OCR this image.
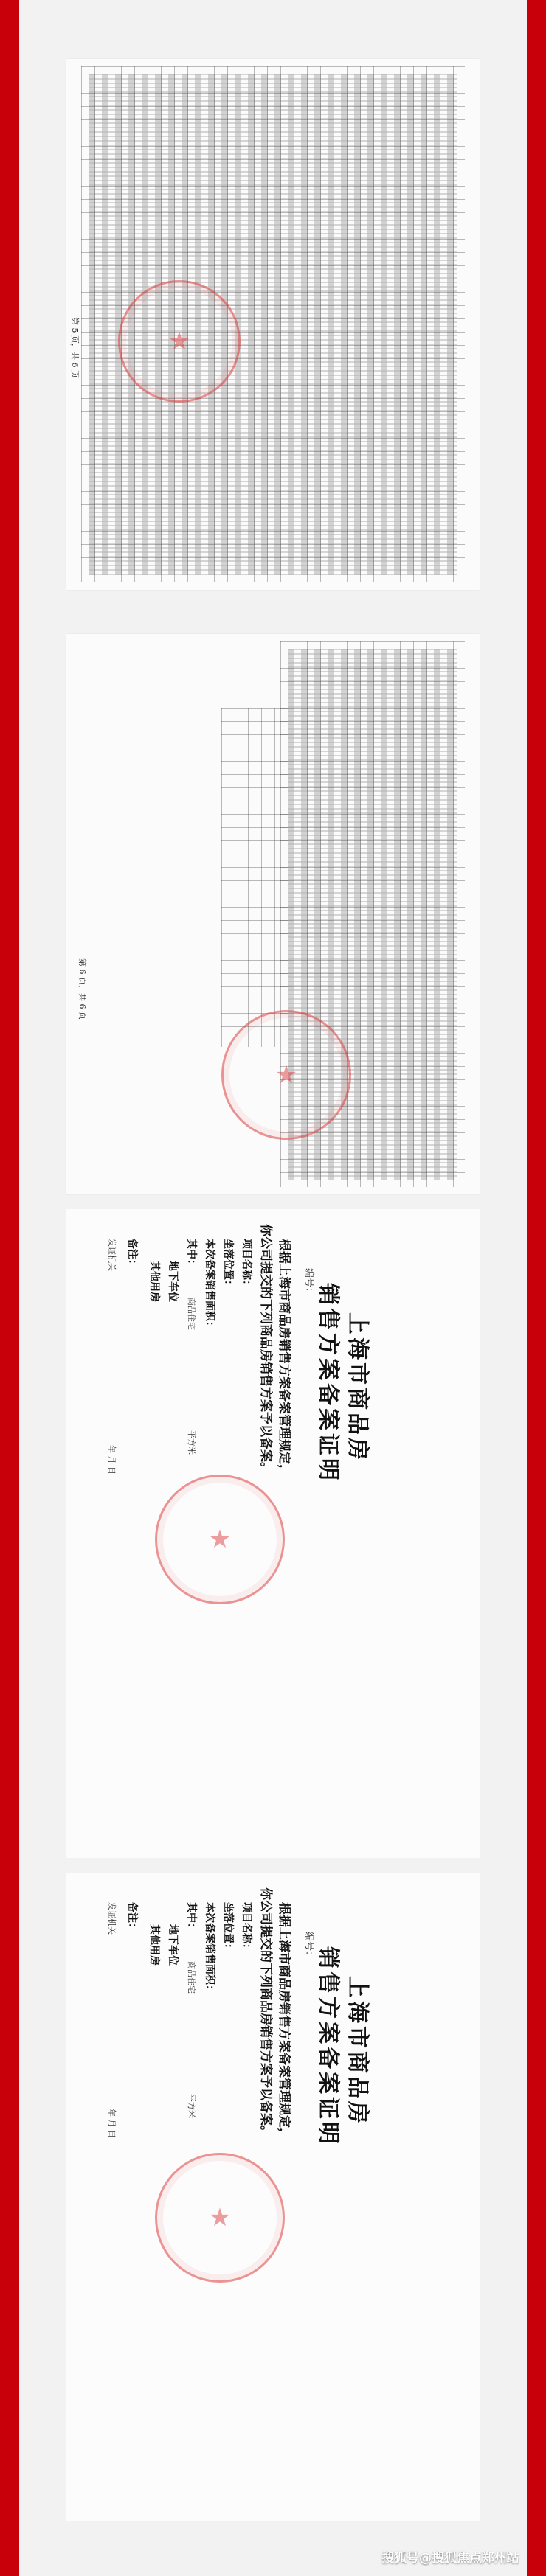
★
第 5 页，共 6 页
★
第 6 页，共 6 页
上海市商品房
销售方案备案证明
编号：
根据上海市商品房销售方案备案管理规定，
你公司提交的下列商品房销售方案予以备案。
项目名称：
坐落位置：
本次备案销售面积：
其中：
商品住宅
地下车位
其他用房
平方米
备注：
发证机关
年 月 日
★
上海市商品房
销售方案备案证明
编号：
根据上海市商品房销售方案备案管理规定，
你公司提交的下列商品房销售方案予以备案。
项目名称：
坐落位置：
本次备案销售面积：
其中：
商品住宅
地下车位
其他用房
平方米
备注：
发证机关
年 月 日
★
搜狐号@搜狐焦点郑州站
